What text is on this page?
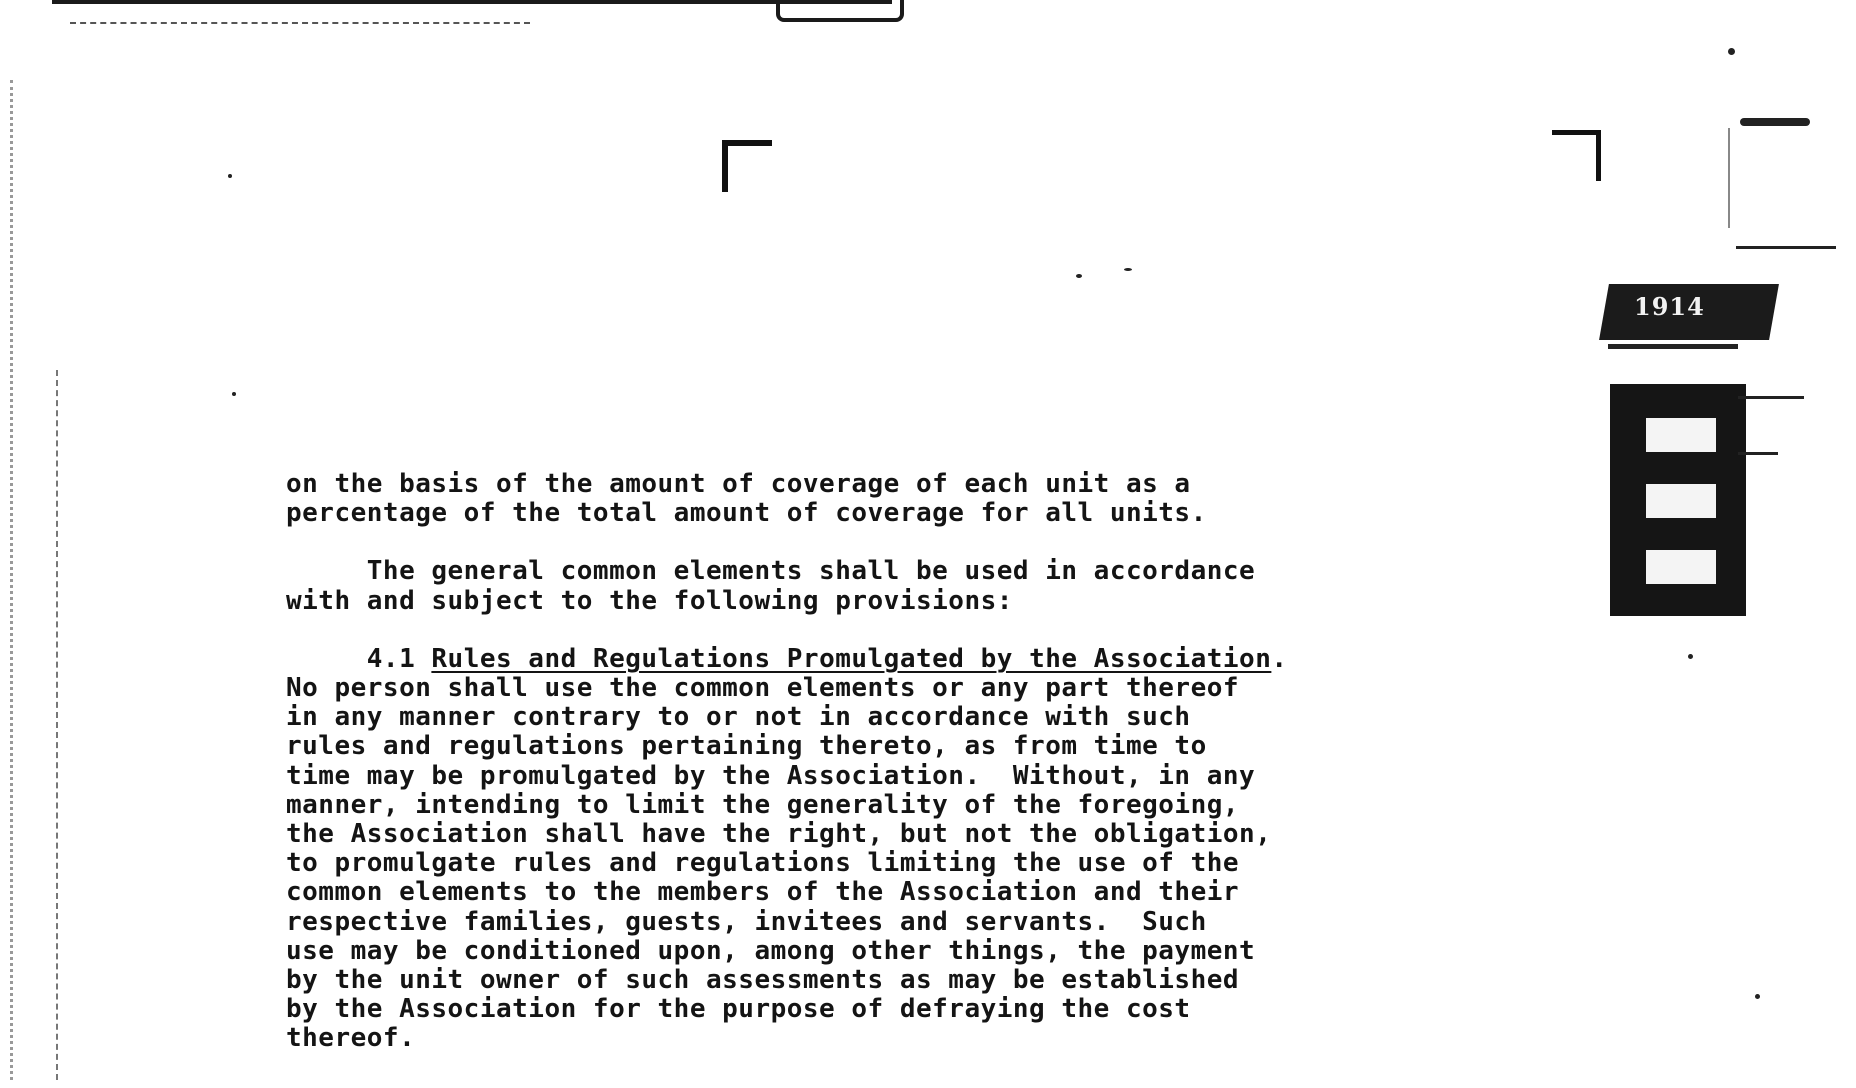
1914

on the basis of the amount of coverage of each unit as a
percentage of the total amount of coverage for all units.

The general common elements shall be used in accordance
with and subject to the following provisions:

4.1 Rules and Regulations Promulgated by the Association.

No person shall use the common elements or any part thereof
in any manner contrary to or not in accordance with such
rules and regulations pertaining thereto, as from time to
time may be promulgated by the Association.  Without, in any
manner, intending to limit the generality of the foregoing,
the Association shall have the right, but not the obligation,
to promulgate rules and regulations limiting the use of the
common elements to the members of the Association and their
respective families, guests, invitees and servants.  Such
use may be conditioned upon, among other things, the payment
by the unit owner of such assessments as may be established
by the Association for the purpose of defraying the cost
thereof.
